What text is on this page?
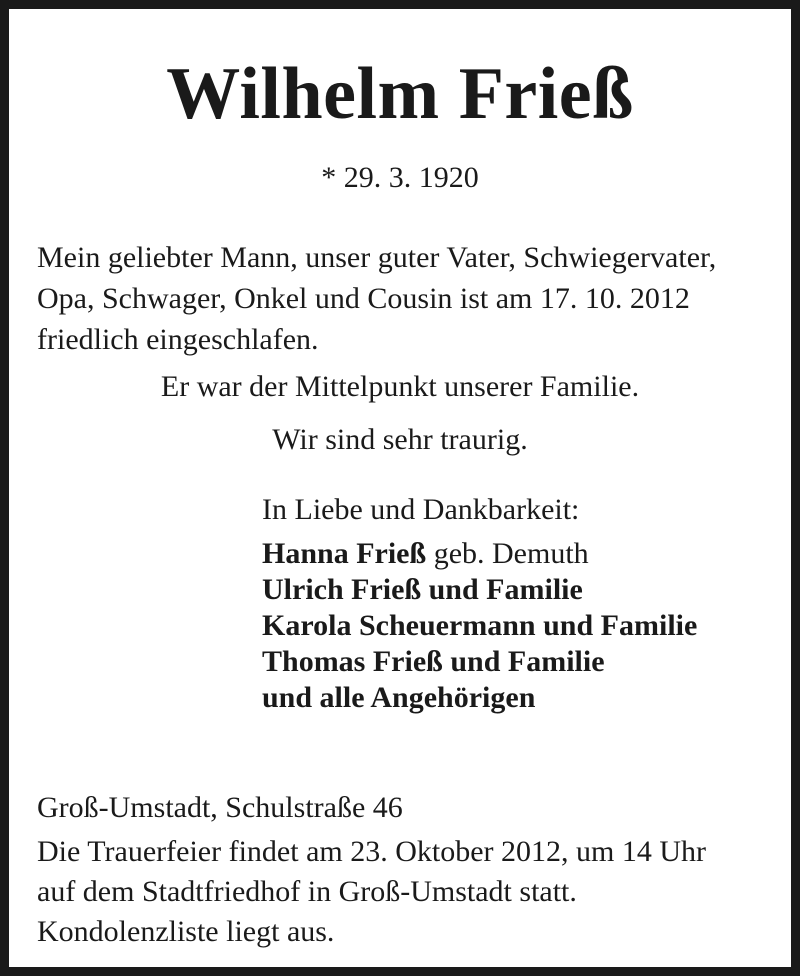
Wilhelm Frieß
* 29. 3. 1920
Mein geliebter Mann, unser guter Vater, Schwiegervater,
Opa, Schwager, Onkel und Cousin ist am 17. 10. 2012
friedlich eingeschlafen.
Er war der Mittelpunkt unserer Familie.
Wir sind sehr traurig.
In Liebe und Dankbarkeit:
Hanna Frieß geb. Demuth
Ulrich Frieß und Familie
Karola Scheuermann und Familie
Thomas Frieß und Familie
und alle Angehörigen
Groß-Umstadt, Schulstraße 46
Die Trauerfeier findet am 23. Oktober 2012, um 14 Uhr
auf dem Stadtfriedhof in Groß-Umstadt statt.
Kondolenzliste liegt aus.
